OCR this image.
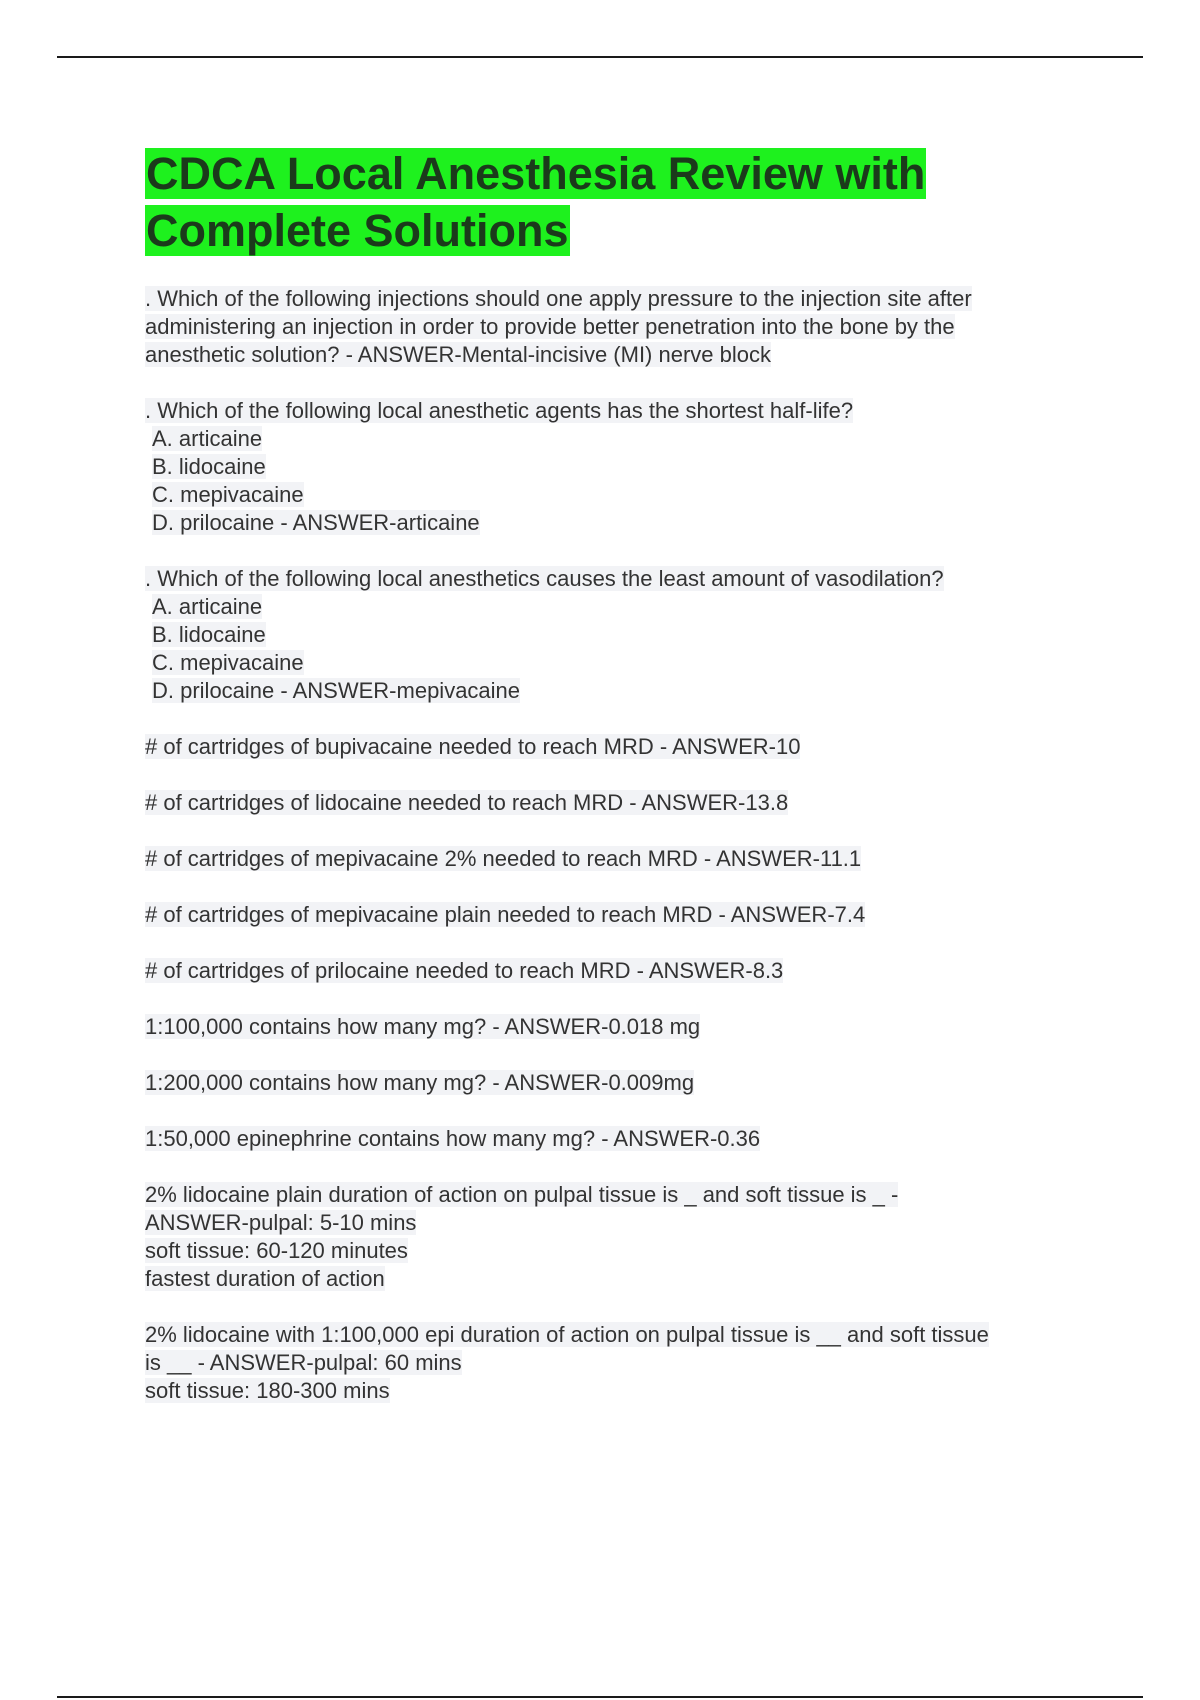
CDCA Local Anesthesia Review with
Complete Solutions
. Which of the following injections should one apply pressure to the injection site after
administering an injection in order to provide better penetration into the bone by the
anesthetic solution? - ANSWER-Mental-incisive (MI) nerve block
. Which of the following local anesthetic agents has the shortest half-life?
A. articaine
B. lidocaine
C. mepivacaine
D. prilocaine - ANSWER-articaine
. Which of the following local anesthetics causes the least amount of vasodilation?
A. articaine
B. lidocaine
C. mepivacaine
D. prilocaine - ANSWER-mepivacaine
# of cartridges of bupivacaine needed to reach MRD - ANSWER-10
# of cartridges of lidocaine needed to reach MRD - ANSWER-13.8
# of cartridges of mepivacaine 2% needed to reach MRD - ANSWER-11.1
# of cartridges of mepivacaine plain needed to reach MRD - ANSWER-7.4
# of cartridges of prilocaine needed to reach MRD - ANSWER-8.3
1:100,000 contains how many mg? - ANSWER-0.018 mg
1:200,000 contains how many mg? - ANSWER-0.009mg
1:50,000 epinephrine contains how many mg? - ANSWER-0.36
2% lidocaine plain duration of action on pulpal tissue is _ and soft tissue is _ -
ANSWER-pulpal: 5-10 mins
soft tissue: 60-120 minutes
fastest duration of action
2% lidocaine with 1:100,000 epi duration of action on pulpal tissue is __ and soft tissue
is __ - ANSWER-pulpal: 60 mins
soft tissue: 180-300 mins
